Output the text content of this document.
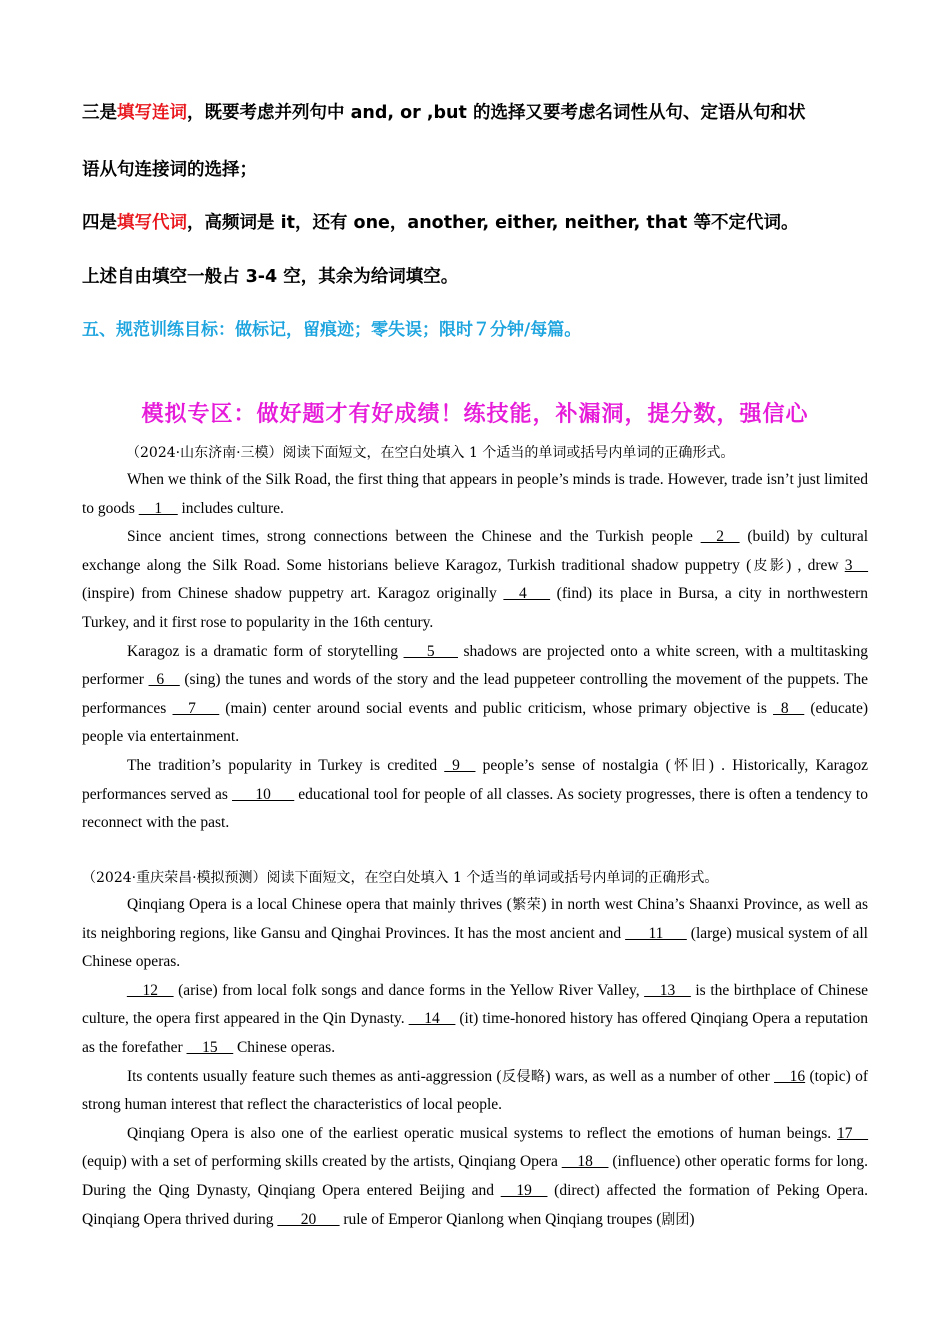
三是填写连词，既要考虑并列句中 and, or ,but 的选择又要考虑名词性从句、定语从句和状
语从句连接词的选择；
四是填写代词，高频词是 it，还有 one，another, either, neither, that 等不定代词。
上述自由填空一般占 3-4 空，其余为给词填空。
五、规范训练目标：做标记，留痕迹；零失误；限时７分钟/每篇。
模拟专区：做好题才有好成绩！练技能，补漏洞，提分数，强信心
（2024·山东济南·三模）阅读下面短文，在空白处填入 1 个适当的单词或括号内单词的正确形式。

When we think of the Silk Road, the first thing that appears in people’s minds is trade. However, trade isn’t just limited to goods __1__ includes culture.

Since ancient times, strong connections between the Chinese and the Turkish people __2__ (build) by cultural exchange along the Silk Road. Some historians believe Karagoz, Turkish traditional shadow puppetry (皮影) , drew 3__ (inspire) from Chinese shadow puppetry art. Karagoz originally __4___ (find) its place in Bursa, a city in northwestern Turkey, and it first rose to popularity in the 16th century.

Karagoz is a dramatic form of storytelling ___5___ shadows are projected onto a white screen, with a multitasking performer _6__ (sing) the tunes and words of the story and the lead puppeteer controlling the movement of the puppets. The performances __7___ (main) center around social events and public criticism, whose primary objective is _8__ (educate) people via entertainment.

The tradition’s popularity in Turkey is credited _9__ people’s sense of nostalgia (怀旧) . Historically, Karagoz performances served as ___10___ educational tool for people of all classes. As society progresses, there is often a tendency to reconnect with the past.

（2024·重庆荣昌·模拟预测）阅读下面短文，在空白处填入 1 个适当的单词或括号内单词的正确形式。

Qinqiang Opera is a local Chinese opera that mainly thrives (繁荣) in north west China’s Shaanxi Province, as well as its neighboring regions, like Gansu and Qinghai Provinces. It has the most ancient and ___11___ (large) musical system of all Chinese operas.

__12__ (arise) from local folk songs and dance forms in the Yellow River Valley, __13__ is the birthplace of Chinese culture, the opera first appeared in the Qin Dynasty. __14__ (it) time-honored history has offered Qinqiang Opera a reputation as the forefather __15__ Chinese operas.

Its contents usually feature such themes as anti-aggression (反侵略) wars, as well as a number of other __16 (topic) of strong human interest that reflect the characteristics of local people.

Qinqiang Opera is also one of the earliest operatic musical systems to reflect the emotions of human beings. 17__ (equip) with a set of performing skills created by the artists, Qinqiang Opera __18__ (influence) other operatic forms for long. During the Qing Dynasty, Qinqiang Opera entered Beijing and __19__ (direct) affected the formation of Peking Opera. Qinqiang Opera thrived during ___20___ rule of Emperor Qianlong when Qinqiang troupes (剧团)
